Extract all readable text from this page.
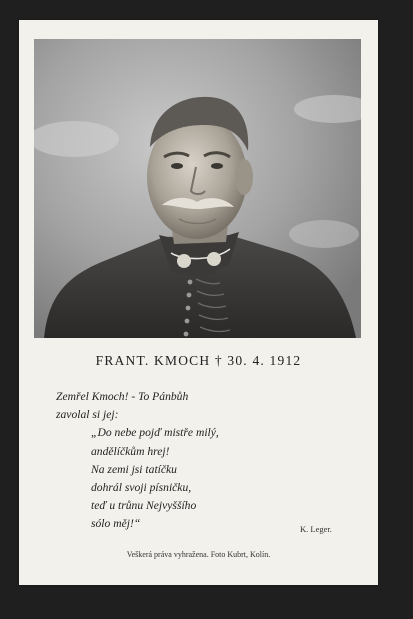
FRANT. KMOCH † 30. 4. 1912
Zemřel Kmoch! - To Pánbůh
zavolal si jej:
„Do nebe pojď mistře milý,
andělíčkům hrej!
Na zemi jsi tatíčku
dohrál svoji písničku,
teď u trůnu Nejvyššího
sólo měj!“	K. Leger.
Veškerá práva vyhražena. Foto Kubrt, Kolín.
